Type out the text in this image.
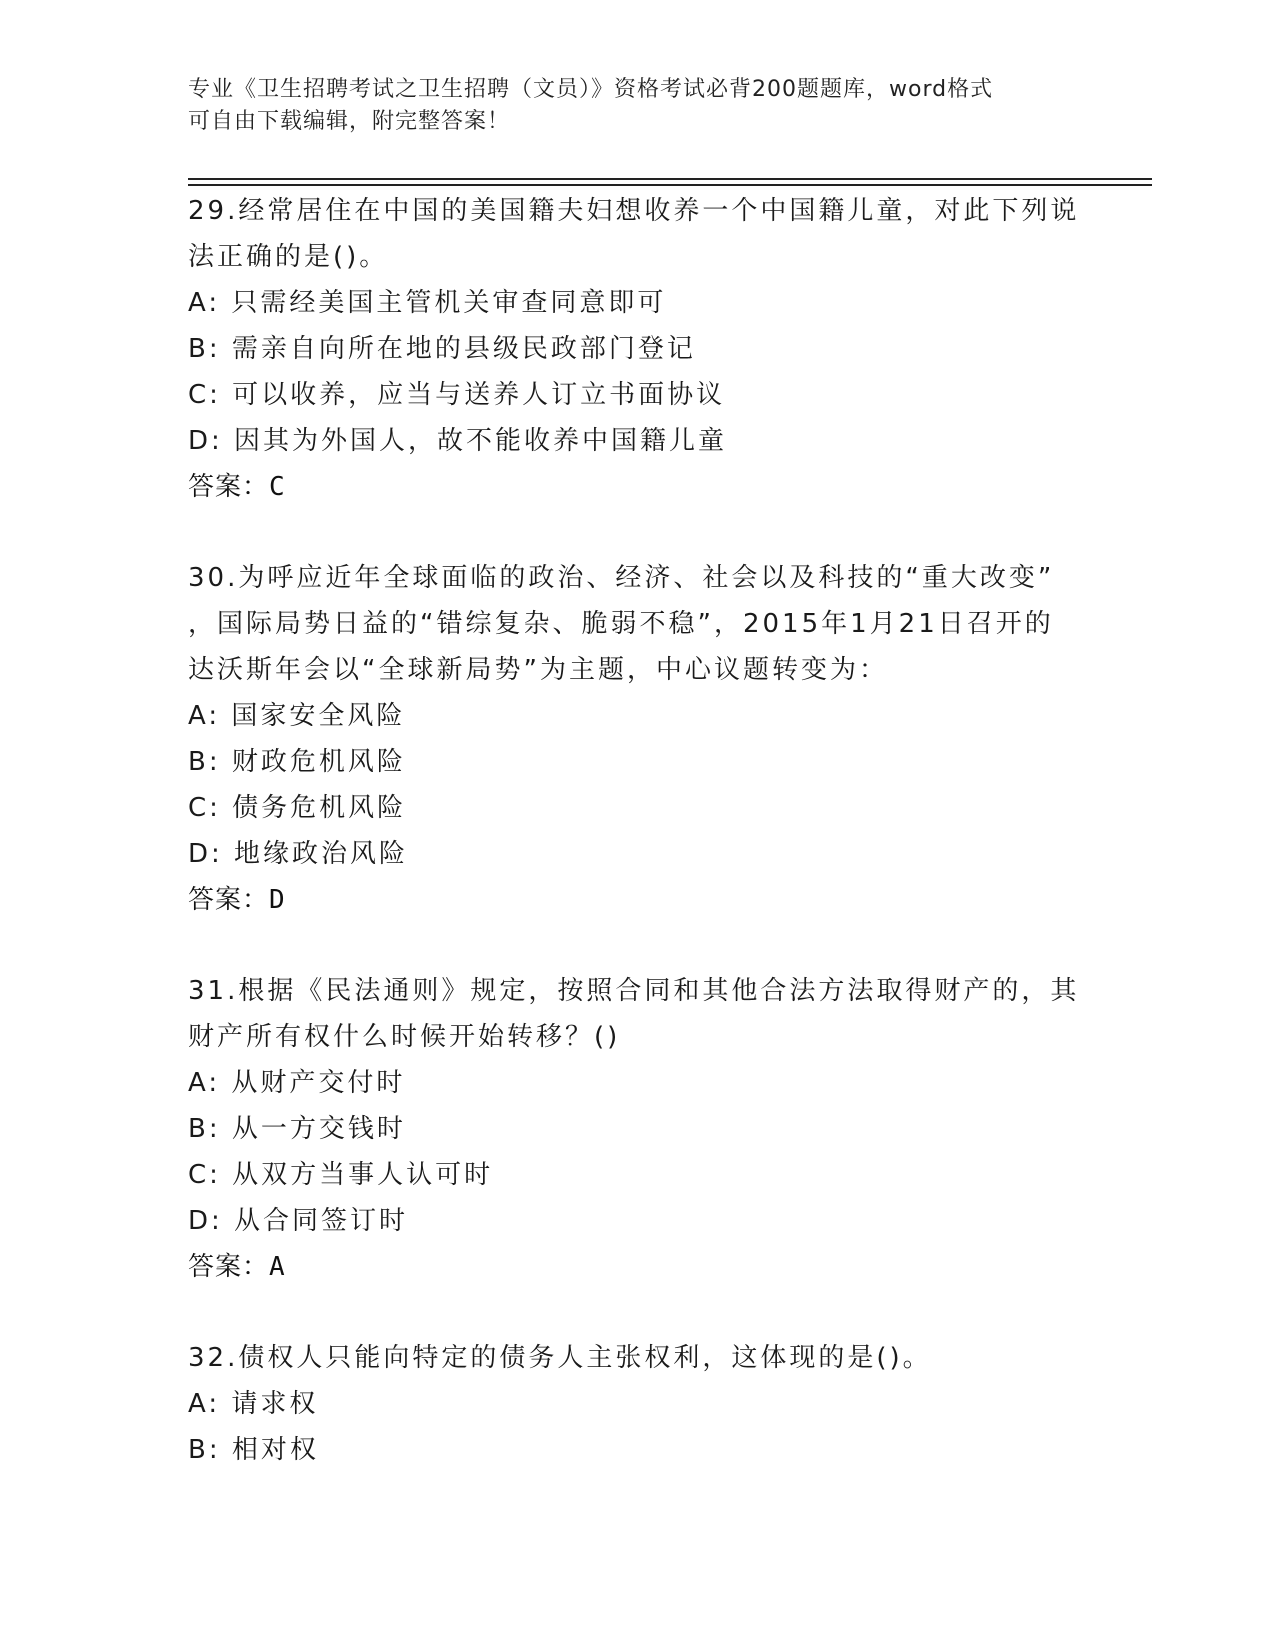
专业《卫生招聘考试之卫生招聘（文员）》资格考试必背200题题库，word格式
可自由下载编辑，附完整答案！
29.经常居住在中国的美国籍夫妇想收养一个中国籍儿童，对此下列说
法正确的是()。
A: 只需经美国主管机关审查同意即可
B: 需亲自向所在地的县级民政部门登记
C: 可以收养，应当与送养人订立书面协议
D: 因其为外国人，故不能收养中国籍儿童
答案：C
30.为呼应近年全球面临的政治、经济、社会以及科技的“重大改变”
，国际局势日益的“错综复杂、脆弱不稳”，2015年1月21日召开的
达沃斯年会以“全球新局势”为主题，中心议题转变为：
A: 国家安全风险
B: 财政危机风险
C: 债务危机风险
D: 地缘政治风险
答案：D
31.根据《民法通则》规定，按照合同和其他合法方法取得财产的，其
财产所有权什么时候开始转移？()
A: 从财产交付时
B: 从一方交钱时
C: 从双方当事人认可时
D: 从合同签订时
答案：A
32.债权人只能向特定的债务人主张权利，这体现的是()。
A: 请求权
B: 相对权
